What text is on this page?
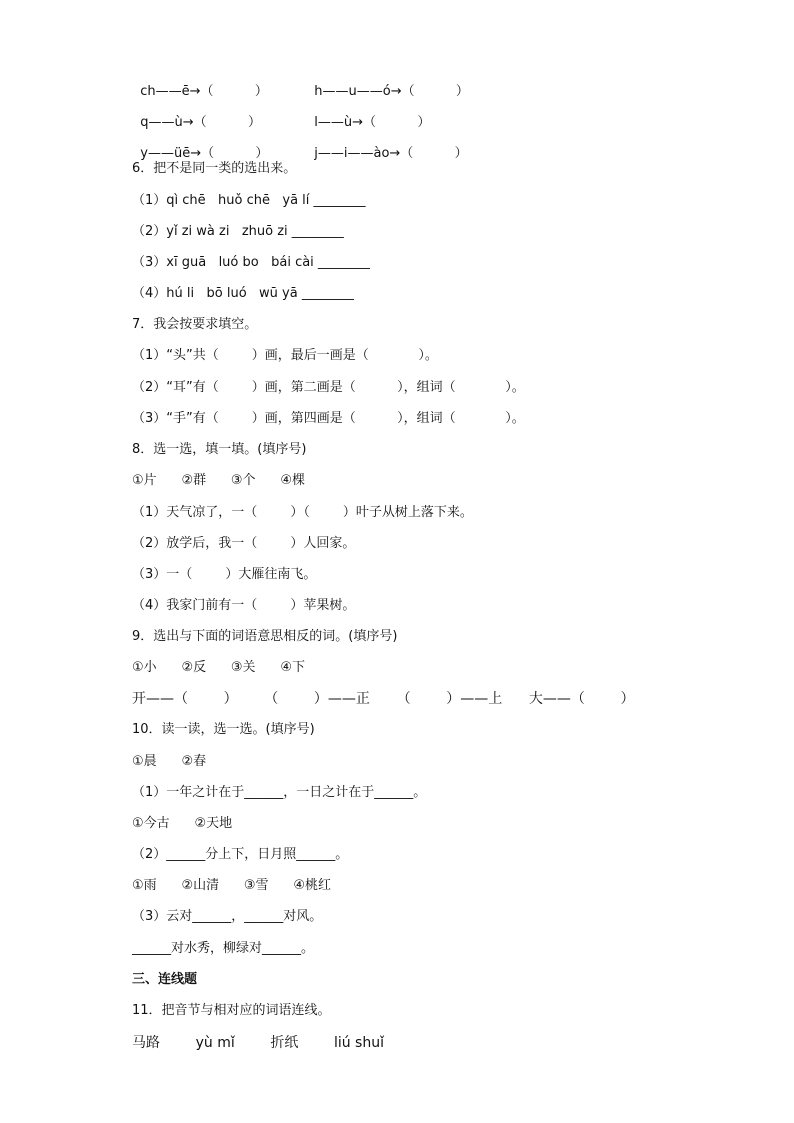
ch——ē→（          ）	h——u——ó→（          ）

q——ù→（          ）	l——ù→（          ）

y——üē→（          ）	j——i——ào→（          ）

6．把不是同一类的选出来。
（1）qì chē   huǒ chē   yā lí ________
（2）yǐ zi wà zi   zhuō zi ________
（3）xī guā   luó bo   bái cài ________
（4）hú li   bō luó   wū yā ________
7．我会按要求填空。
（1）“头”共（        ）画，最后一画是（            ）。
（2）“耳”有（        ）画，第二画是（          ），组词（            ）。
（3）“手”有（        ）画，第四画是（          ），组词（            ）。
8．选一选，填一填。(填序号)
①片      ②群      ③个      ④棵
（1）天气凉了，一（        ）（        ）叶子从树上落下来。
（2）放学后，我一（        ）人回家。
（3）一（        ）大雁往南飞。
（4）我家门前有一（        ）苹果树。
9．选出与下面的词语意思相反的词。(填序号)
①小      ②反      ③关      ④下
开——（        ）      （        ）——正      （        ）——上      大——（        ）
10．读一读，选一选。(填序号)
①晨      ②春
（1）一年之计在于______，一日之计在于______。
①今古      ②天地
（2）______分上下，日月照______。
①雨      ②山清      ③雪      ④桃红
（3）云对______，______对风。
______对水秀，柳绿对______。
三、连线题
11．把音节与相对应的词语连线。
马路        yù mǐ        折纸        liú shuǐ
